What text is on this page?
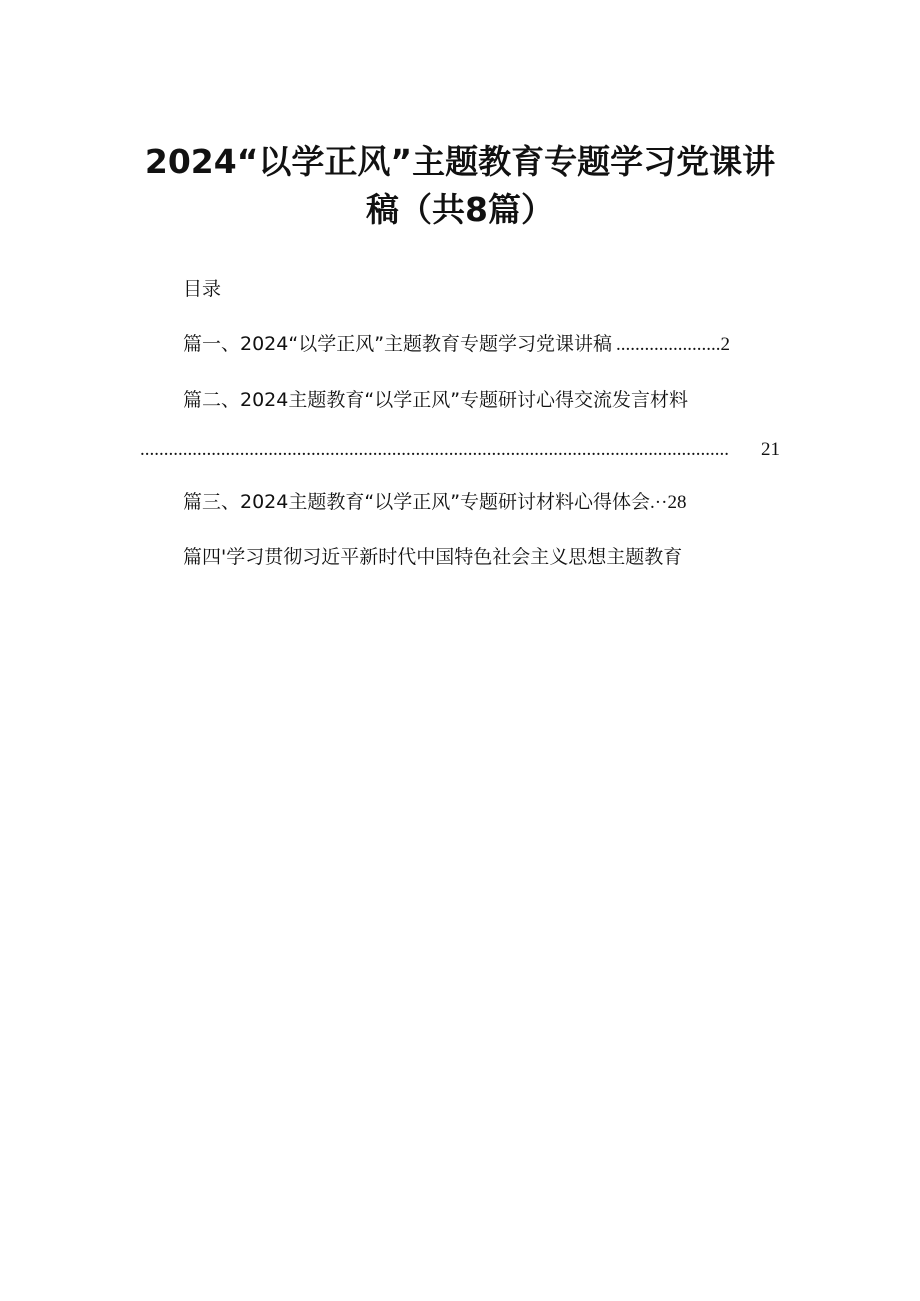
2024“以学正风”主题教育专题学习党课讲
稿（共8篇）
目录
篇一、2024“以学正风”主题教育专题学习党课讲稿 ......................2
篇二、2024主题教育“以学正风”专题研讨心得交流发言材料
............................................................................................................................	21
篇三、2024主题教育“以学正风”专题研讨材料心得体会.··28
篇四'学习贯彻习近平新时代中国特色社会主义思想主题教育
